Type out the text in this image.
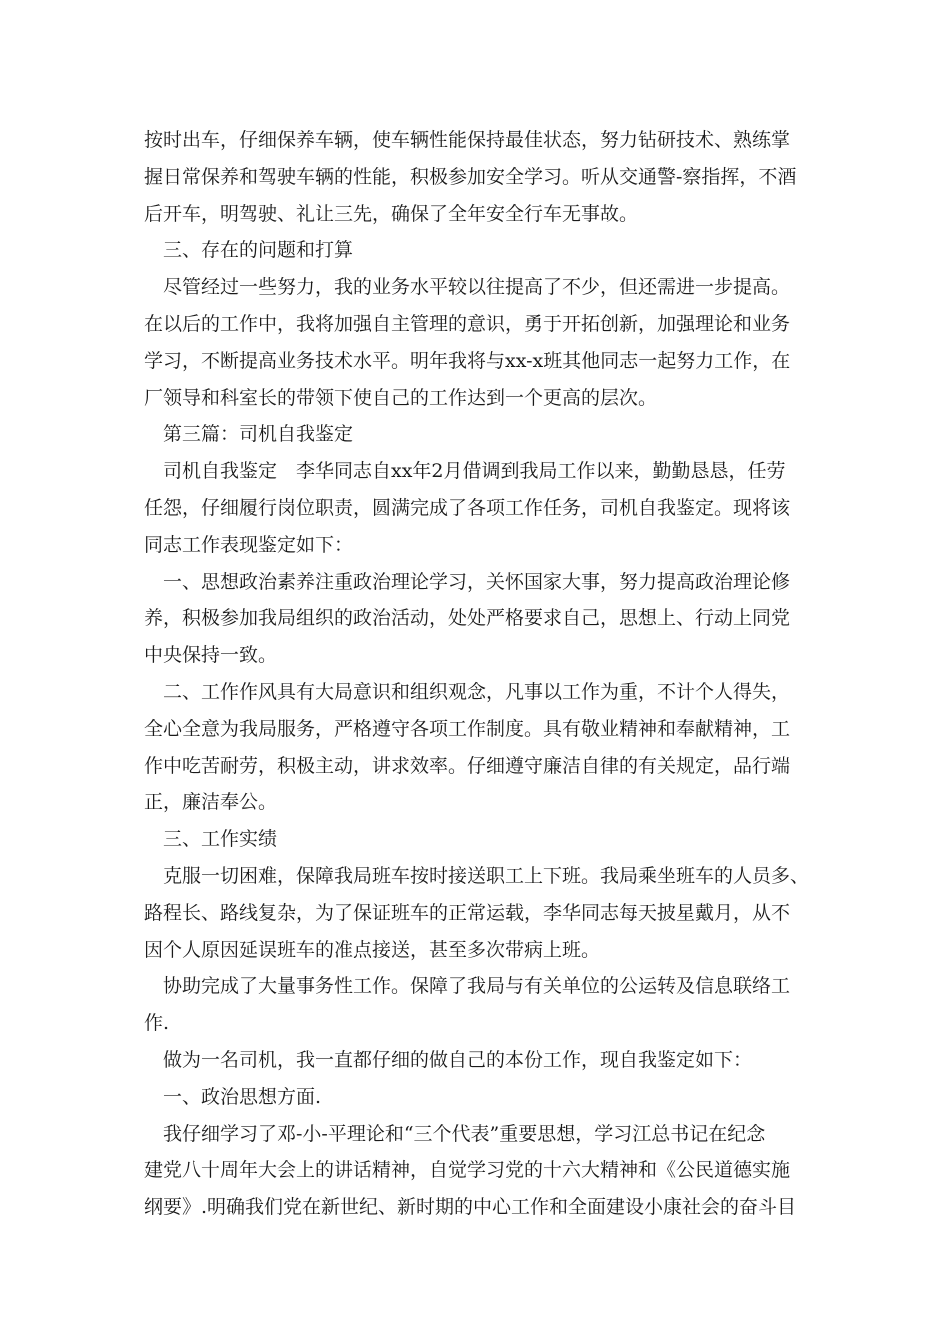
按时出车，仔细保养车辆，使车辆性能保持最佳状态，努力钻研技术、熟练掌
握日常保养和驾驶车辆的性能，积极参加安全学习。听从交通警-察指挥，不酒
后开车，明驾驶、礼让三先，确保了全年安全行车无事故。
三、存在的问题和打算
尽管经过一些努力，我的业务水平较以往提高了不少，但还需进一步提高。
在以后的工作中，我将加强自主管理的意识，勇于开拓创新，加强理论和业务
学习，不断提高业务技术水平。明年我将与xx-x班其他同志一起努力工作，在
厂领导和科室长的带领下使自己的工作达到一个更高的层次。
第三篇：司机自我鉴定
司机自我鉴定　李华同志自xx年2月借调到我局工作以来，勤勤恳恳，任劳
任怨，仔细履行岗位职责，圆满完成了各项工作任务，司机自我鉴定。现将该
同志工作表现鉴定如下：
一、思想政治素养注重政治理论学习，关怀国家大事，努力提高政治理论修
养，积极参加我局组织的政治活动，处处严格要求自己，思想上、行动上同党
中央保持一致。
二、工作作风具有大局意识和组织观念，凡事以工作为重，不计个人得失，
全心全意为我局服务，严格遵守各项工作制度。具有敬业精神和奉献精神，工
作中吃苦耐劳，积极主动，讲求效率。仔细遵守廉洁自律的有关规定，品行端
正，廉洁奉公。
三、工作实绩
克服一切困难，保障我局班车按时接送职工上下班。我局乘坐班车的人员多、
路程长、路线复杂，为了保证班车的正常运载，李华同志每天披星戴月，从不
因个人原因延误班车的准点接送，甚至多次带病上班。
协助完成了大量事务性工作。保障了我局与有关单位的公运转及信息联络工
作.
做为一名司机，我一直都仔细的做自己的本份工作，现自我鉴定如下：
一、政治思想方面.
我仔细学习了邓-小-平理论和“三个代表”重要思想，学习江总书记在纪念
建党八十周年大会上的讲话精神，自觉学习党的十六大精神和《公民道德实施
纲要》.明确我们党在新世纪、新时期的中心工作和全面建设小康社会的奋斗目
